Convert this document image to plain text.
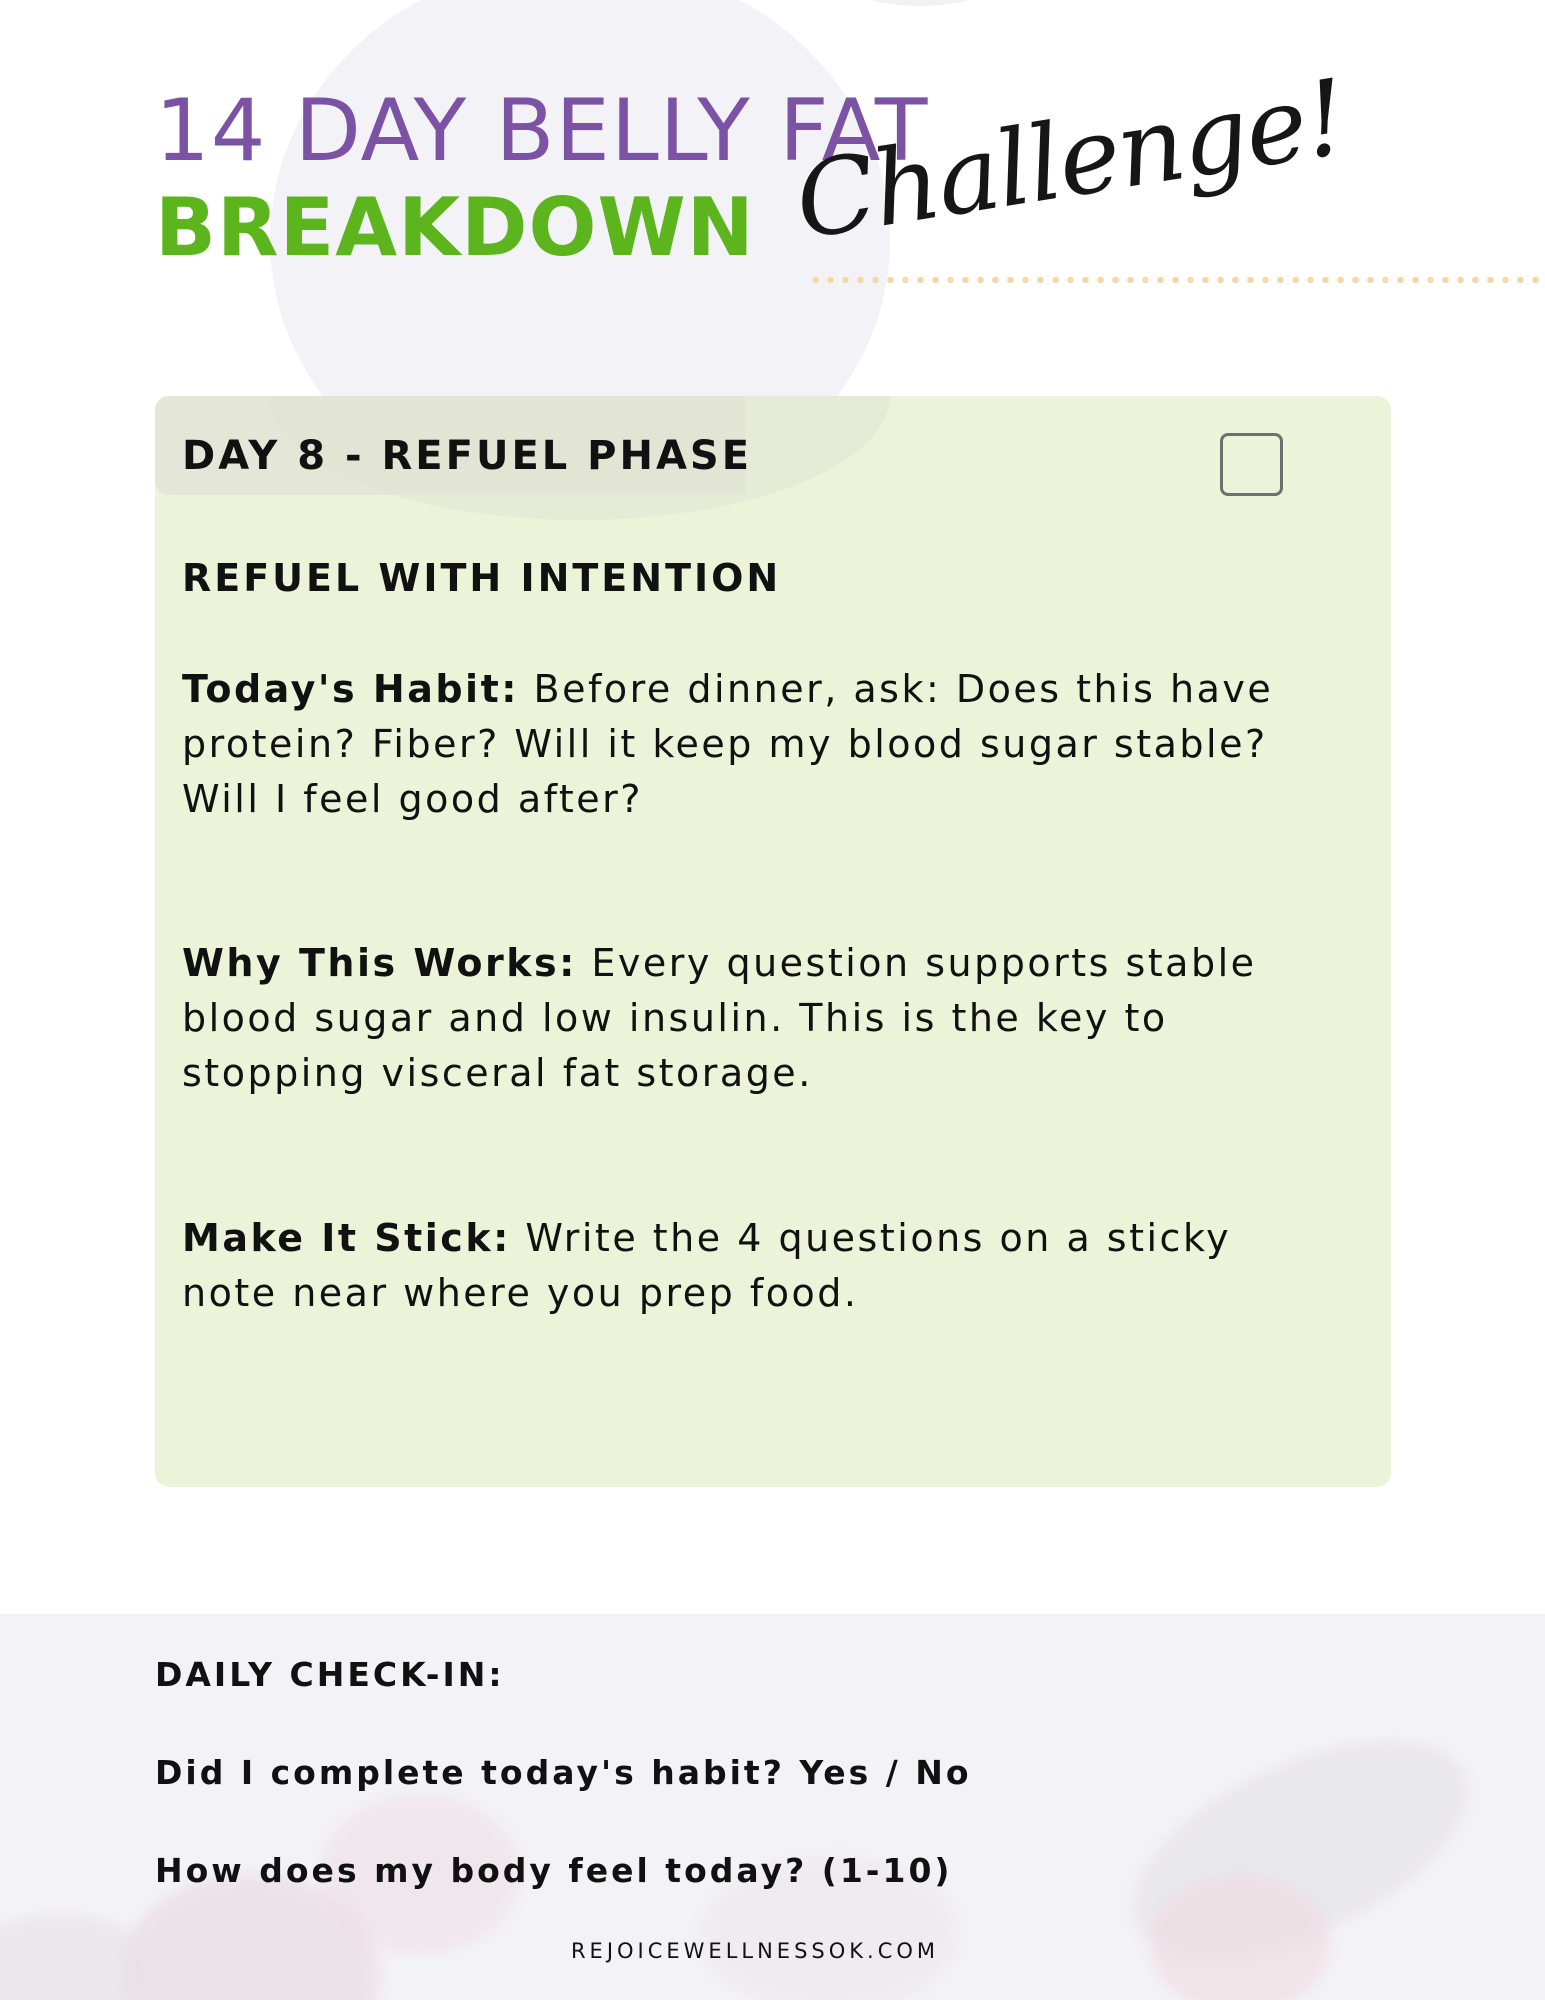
14 DAY BELLY FAT
BREAKDOWN Challenge!
DAY 8 - REFUEL PHASE
REFUEL WITH INTENTION

Today's Habit: Before dinner, ask: Does this have protein? Fiber? Will it keep my blood sugar stable? Will I feel good after?

Why This Works: Every question supports stable blood sugar and low insulin. This is the key to stopping visceral fat storage.

Make It Stick: Write the 4 questions on a sticky note near where you prep food.

DAILY CHECK-IN:
Did I complete today's habit? Yes / No
How does my body feel today? (1-10)
REJOICEWELLNESSOK.COM
